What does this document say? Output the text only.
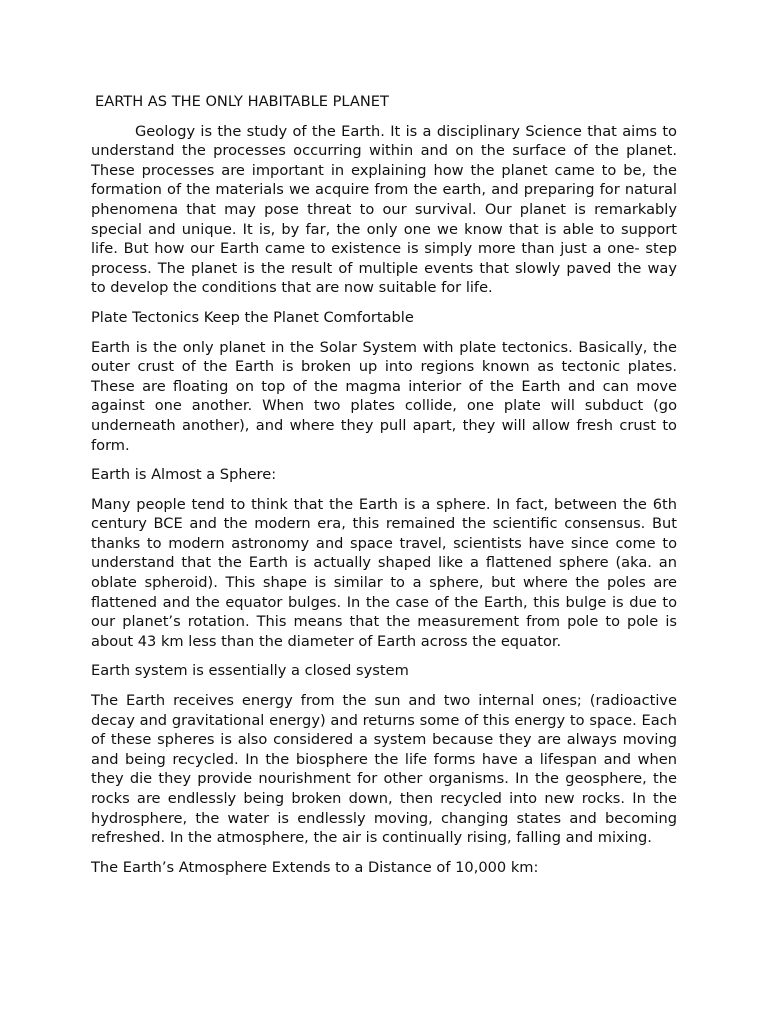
EARTH AS THE ONLY HABITABLE PLANET

Geology is the study of the Earth. It is a disciplinary Science that aims to understand the processes occurring within and on the surface of the planet. These processes are important in explaining how the planet came to be, the formation of the materials we acquire from the earth, and preparing for natural phenomena that may pose threat to our survival. Our planet is remarkably special and unique. It is, by far, the only one we know that is able to support life. But how our Earth came to existence is simply more than just a one- step process. The planet is the result of multiple events that slowly paved the way to develop the conditions that are now suitable for life.

Plate Tectonics Keep the Planet Comfortable

Earth is the only planet in the Solar System with plate tectonics. Basically, the outer crust of the Earth is broken up into regions known as tectonic plates. These are floating on top of the magma interior of the Earth and can move against one another. When two plates collide, one plate will subduct (go underneath another), and where they pull apart, they will allow fresh crust to form.

Earth is Almost a Sphere:

Many people tend to think that the Earth is a sphere. In fact, between the 6th century BCE and the modern era, this remained the scientific consensus. But thanks to modern astronomy and space travel, scientists have since come to understand that the Earth is actually shaped like a flattened sphere (aka. an oblate spheroid). This shape is similar to a sphere, but where the poles are flattened and the equator bulges. In the case of the Earth, this bulge is due to our planet’s rotation. This means that the measurement from pole to pole is about 43 km less than the diameter of Earth across the equator.

Earth system is essentially a closed system

The Earth receives energy from the sun and two internal ones; (radioactive decay and gravitational energy) and returns some of this energy to space. Each of these spheres is also considered a system because they are always moving and being recycled. In the biosphere the life forms have a lifespan and when they die they provide nourishment for other organisms. In the geosphere, the rocks are endlessly being broken down, then recycled into new rocks. In the hydrosphere, the water is endlessly moving, changing states and becoming refreshed. In the atmosphere, the air is continually rising, falling and mixing.

The Earth’s Atmosphere Extends to a Distance of 10,000 km:
